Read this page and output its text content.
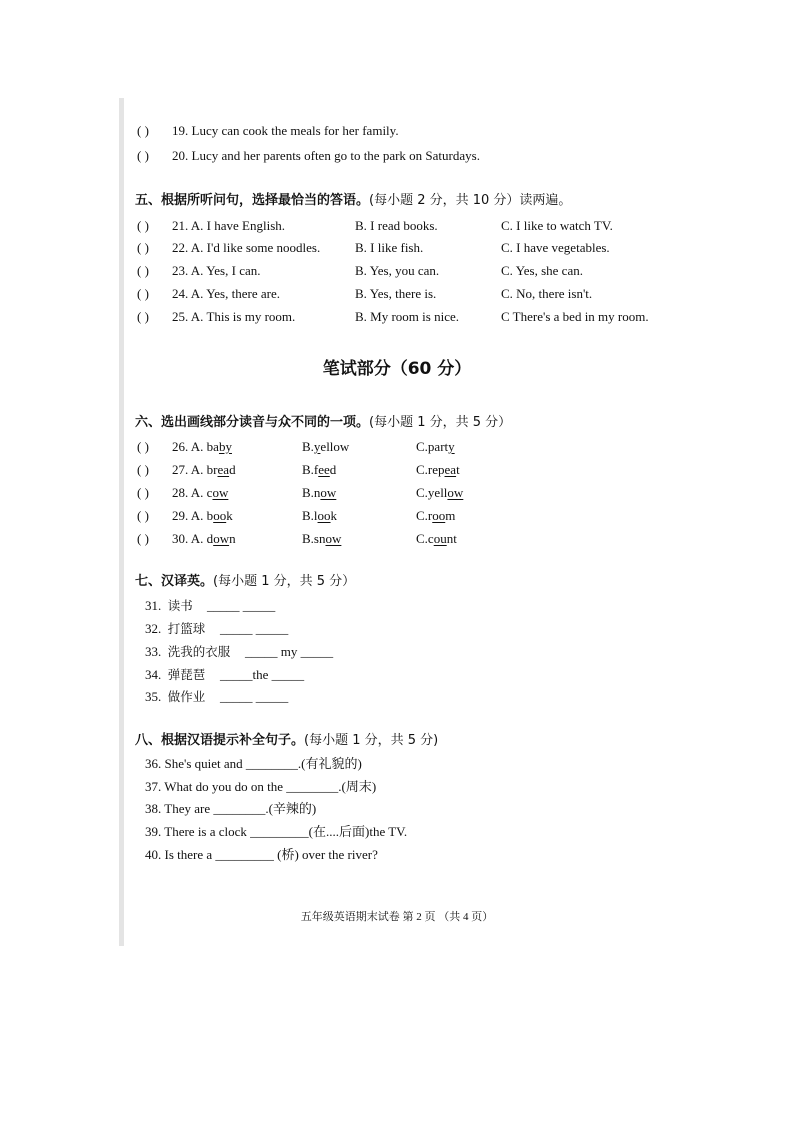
( ) 19. Lucy can cook the meals for her family.
( ) 20. Lucy and her parents often go to the park on Saturdays.
五、根据所听问句，选择最恰当的答语。(每小题 2 分，共 10 分）读两遍。
( ) 21. A. I have English.	B. I read books.	C. I like to watch TV.
( ) 22. A. I'd like some noodles.	B. I like fish.	C. I have vegetables.
( ) 23. A. Yes, I can.	B. Yes, you can.	C. Yes, she can.
( ) 24. A. Yes, there are.	B. Yes, there is.	C. No, there isn't.
( ) 25. A. This is my room.	B. My room is nice.	C There's a bed in my room.
笔试部分（60 分）
六、选出画线部分读音与众不同的一项。(每小题 1 分，共 5 分）
( ) 26. A. baby	B.yellow	C.party
( ) 27. A. bread	B.feed	C.repeat
( ) 28. A. cow	B.now	C.yellow
( ) 29. A. book	B.look	C.room
( ) 30. A. down	B.snow	C.count
七、汉译英。(每小题 1 分，共 5 分）
31. 读书 _____ _____
32. 打篮球 _____ _____
33. 洗我的衣服 _____ my _____
34. 弹琵琶 _____the _____
35. 做作业 _____ _____
八、根据汉语提示补全句子。(每小题 1 分，共 5 分)
36. She's quiet and ________.(有礼貌的)
37. What do you do on the ________.(周末)
38. They are ________.(辛辣的)
39. There is a clock _________(在....后面)the TV.
40. Is there a _________ (桥) over the river?
五年级英语期末试卷 第 2 页 （共 4 页）
